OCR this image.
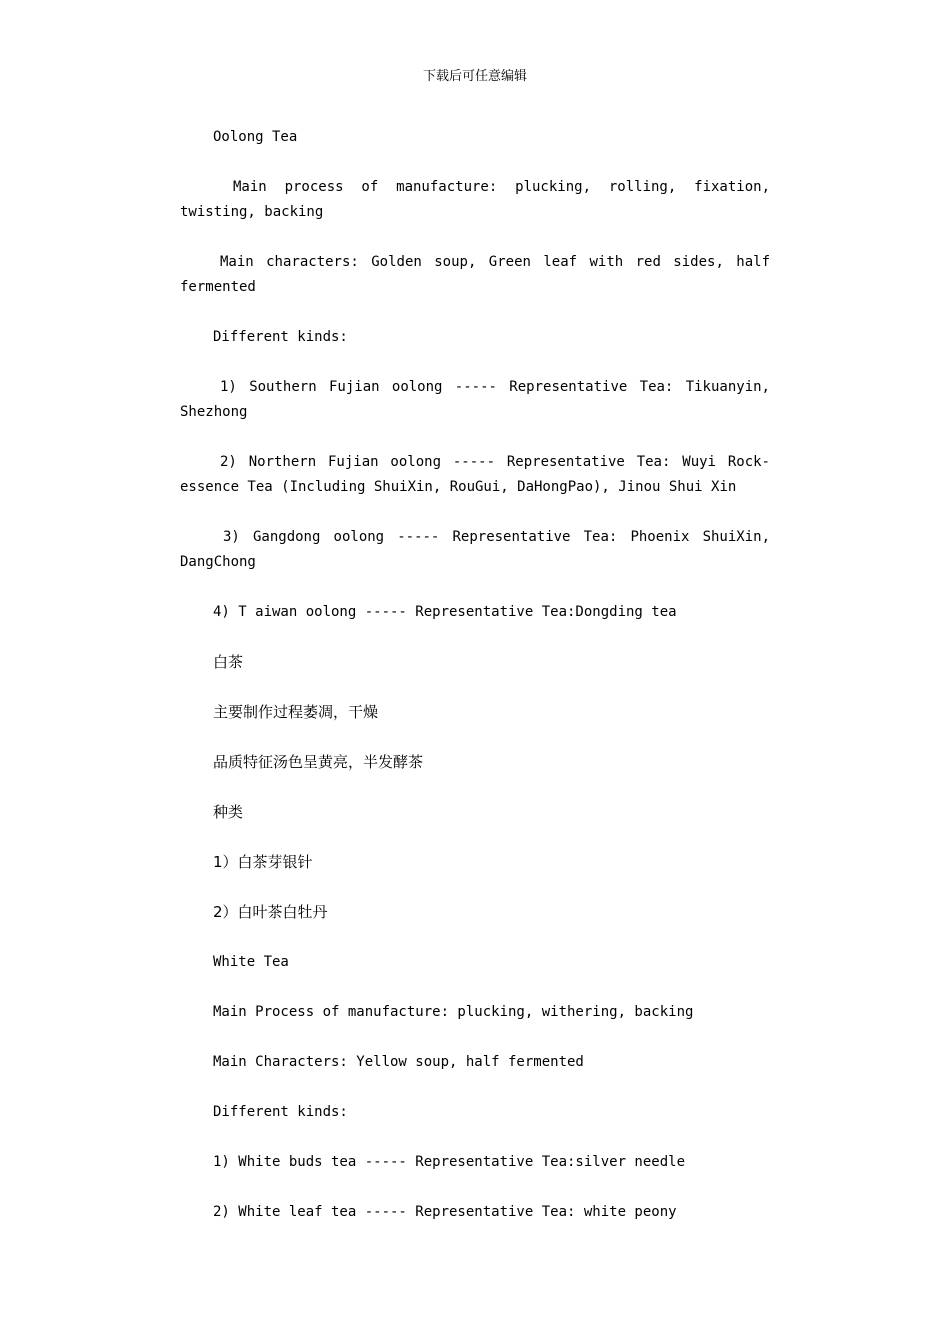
下载后可任意编辑

Oolong Tea

Main process of manufacture: plucking, rolling, fixation, twisting, backing

Main characters: Golden soup, Green leaf with red sides, half fermented

Different kinds:

1) Southern Fujian oolong ----- Representative Tea: Tikuanyin, Shezhong

2) Northern Fujian oolong ----- Representative Tea: Wuyi Rock-essence Tea (Including ShuiXin, RouGui, DaHongPao), Jinou Shui Xin

3) Gangdong oolong ----- Representative Tea: Phoenix ShuiXin, DangChong

4) T aiwan oolong ----- Representative Tea:Dongding tea

白茶

主要制作过程萎凋，干燥

品质特征汤色呈黄亮，半发酵茶

种类

1）白茶芽银针

2）白叶茶白牡丹

White Tea

Main Process of manufacture: plucking, withering, backing

Main Characters: Yellow soup, half fermented

Different kinds:

1) White buds tea ----- Representative Tea:silver needle

2) White leaf tea ----- Representative Tea: white peony
